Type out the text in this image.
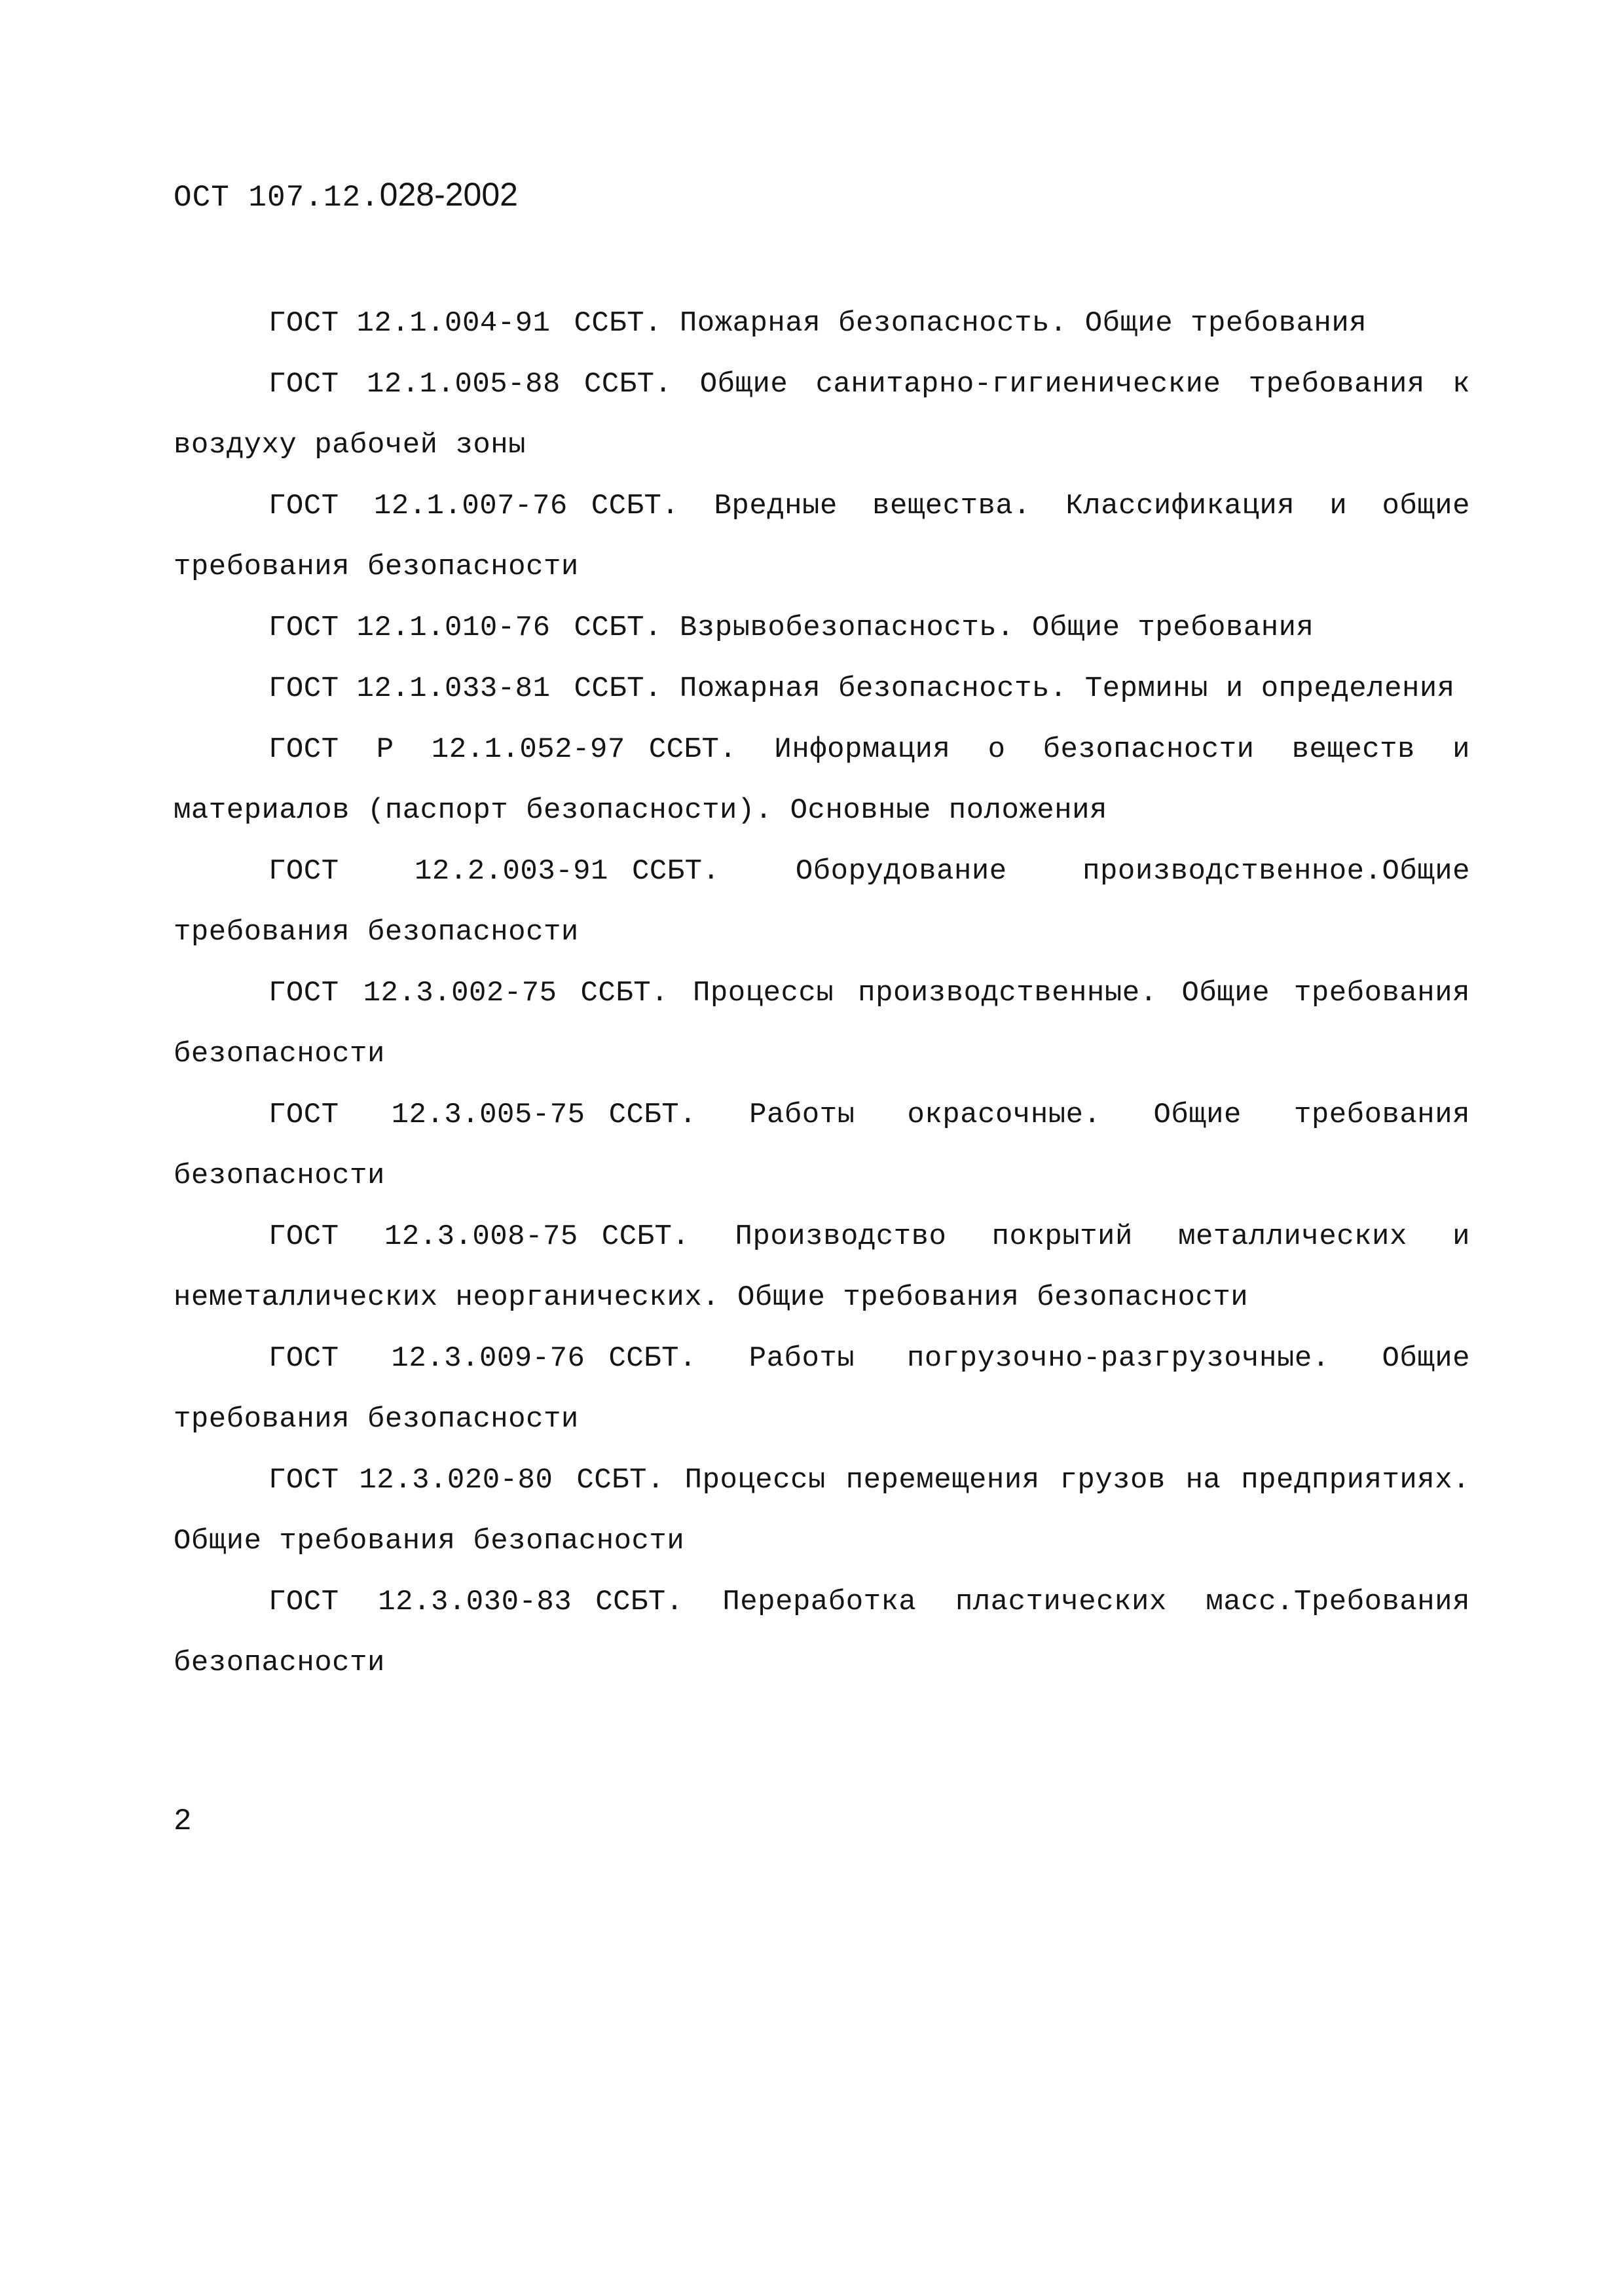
ОСТ 107.12.028-2002
ГОСТ 12.1.004-91 ССБТ. Пожарная безопасность. Общие требования
ГОСТ 12.1.005-88 ССБТ. Общие санитарно-гигиенические требования к воздуху рабочей зоны
ГОСТ 12.1.007-76 ССБТ. Вредные вещества. Классификация и общие требования безопасности
ГОСТ 12.1.010-76 ССБТ. Взрывобезопасность. Общие требования
ГОСТ 12.1.033-81 ССБТ. Пожарная безопасность. Термины и определения
ГОСТ Р 12.1.052-97 ССБТ. Информация о безопасности веществ и материалов (паспорт безопасности). Основные положения
ГОСТ 12.2.003-91 ССБТ. Оборудование производственное.Общие требования безопасности
ГОСТ 12.3.002-75 ССБТ. Процессы производственные. Общие требования безопасности
ГОСТ 12.3.005-75 ССБТ. Работы окрасочные. Общие требования безопасности
ГОСТ 12.3.008-75 ССБТ. Производство покрытий металлических и неметаллических неорганических. Общие требования безопасности
ГОСТ 12.3.009-76 ССБТ. Работы погрузочно-разгрузочные. Общие требования безопасности
ГОСТ 12.3.020-80 ССБТ. Процессы перемещения грузов на предприятиях. Общие требования безопасности
ГОСТ 12.3.030-83 ССБТ. Переработка пластических масс.Требования безопасности
2
